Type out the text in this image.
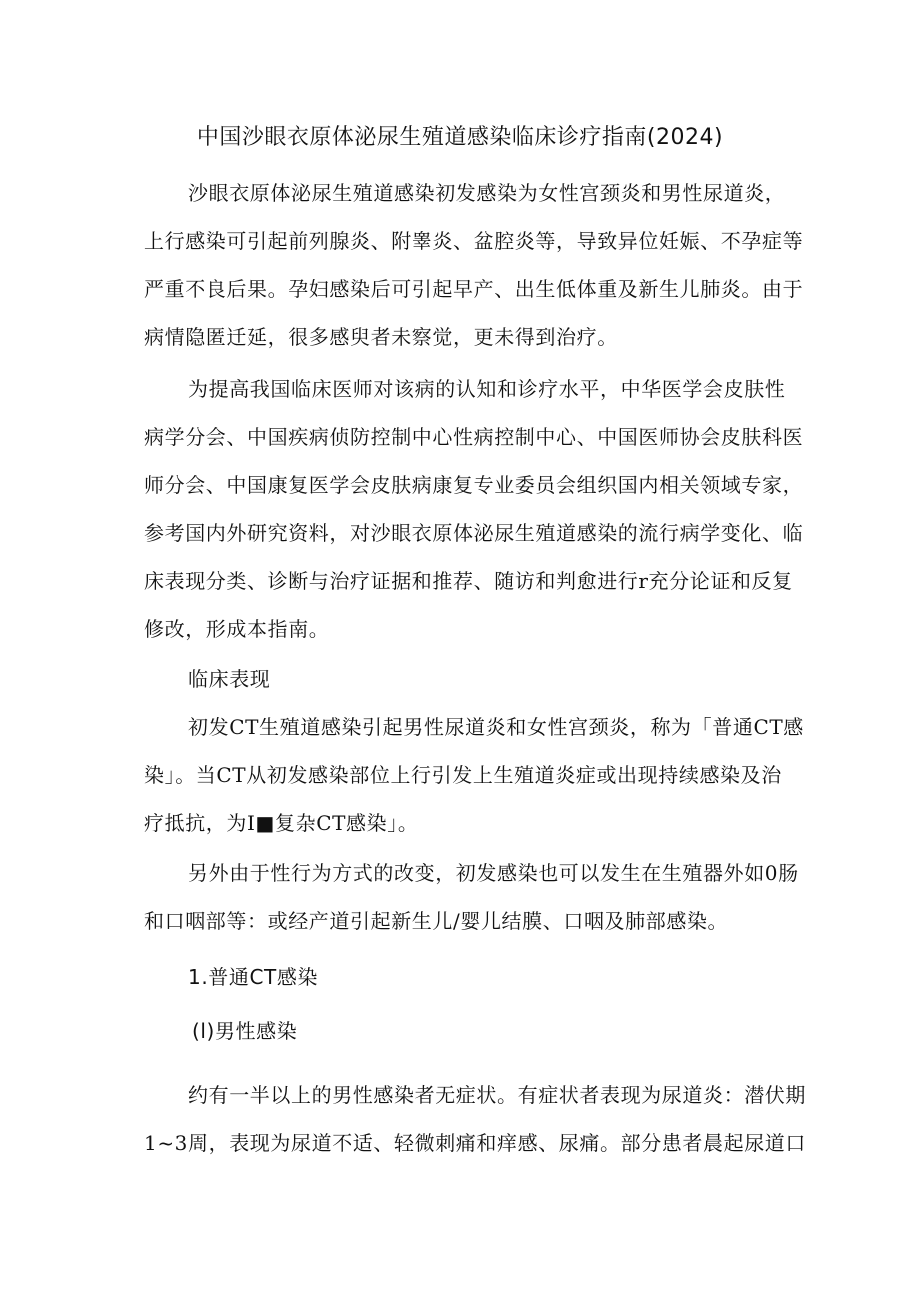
中国沙眼衣原体泌尿生殖道感染临床诊疗指南(2024)
沙眼衣原体泌尿生殖道感染初发感染为女性宫颈炎和男性尿道炎，
上行感染可引起前列腺炎、附睾炎、盆腔炎等，导致异位妊娠、不孕症等
严重不良后果。孕妇感染后可引起早产、出生低体重及新生儿肺炎。由于
病情隐匿迁延，很多感臾者未察觉，更未得到治疗。
为提高我国临床医师对该病的认知和诊疗水平，中华医学会皮肤性
病学分会、中国疾病侦防控制中心性病控制中心、中国医师协会皮肤科医
师分会、中国康复医学会皮肤病康复专业委员会组织国内相关领域专家，
参考国内外研究资料，对沙眼衣原体泌尿生殖道感染的流行病学变化、临
床表现分类、诊断与治疗证据和推荐、随访和判愈进行r充分论证和反复
修改，形成本指南。
临床表现
初发CT生殖道感染引起男性尿道炎和女性宫颈炎，称为「普通CT感
染」。当CT从初发感染部位上行引发上生殖道炎症或出现持续感染及治
疗抵抗，为I■复杂CT感染」。
另外由于性行为方式的改变，初发感染也可以发生在生殖器外如0肠
和口咽部等：或经产道引起新生儿/婴儿结膜、口咽及肺部感染。
1.普通CT感染
(l)男性感染
约有一半以上的男性感染者无症状。有症状者表现为尿道炎：潜伏期
1~3周，表现为尿道不适、轻微刺痛和痒感、尿痛。部分患者晨起尿道口
